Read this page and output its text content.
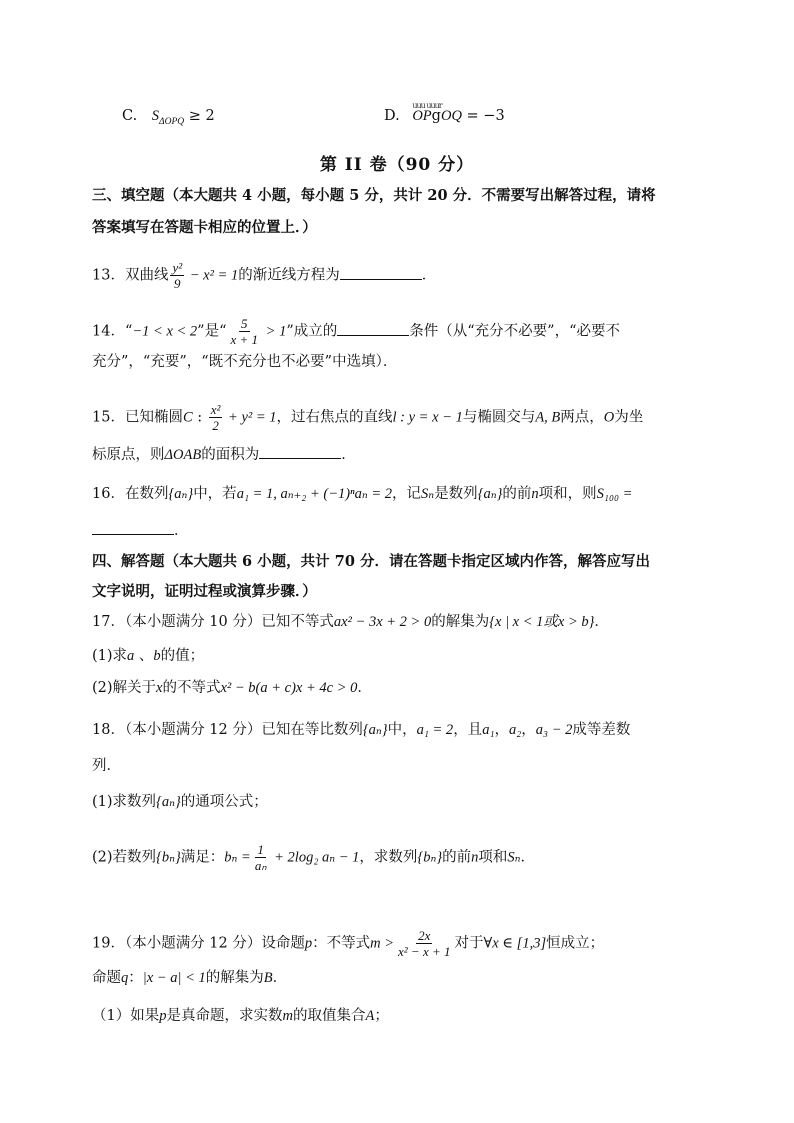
C. $S_{\Delta OPQ} \ge 2$	D.
uuu uuur
OPgOQ = −3
第 II 卷（90 分）
三、填空题（本大题共 4 小题，每小题 5 分，共计 20 分．不需要写出解答过程，请将
答案填写在答题卡相应的位置上．）
13．双曲线 $\frac{\text{y²}}{9} - x^2 = 1$的渐近线方程为	．
14．“−1 < x < 2”是“ $\frac{5}{x + 1} > 1$”成立的	条件（从“充分不必要”，“必要不
充分”，“充要”，“既不充分也不必要”中选填）．
15．已知椭圆C : $\frac{\text{x²}}{2} + y^2 = 1$，过右焦点的直线l : y = x − 1与椭圆交与A, B两点，O为坐
标原点，则ΔOAB的面积为	．
16．在数列{aₙ}中，若a₁ = 1, aₙ₊₂ + (−1)ⁿaₙ = 2，记Sₙ是数列{aₙ}的前n项和，则S₁₀₀ =
．
四、解答题（本大题共 6 小题，共计 70 分．请在答题卡指定区域内作答，解答应写出
文字说明，证明过程或演算步骤．）
17．（本小题满分 10 分）已知不等式ax² − 3x + 2 > 0的解集为{x | x < 1或x > b}．
(1)求a 、b的值；
(2)解关于x的不等式x² − b(a + c)x + 4c > 0．
18．（本小题满分 12 分）已知在等比数列{aₙ}中，a₁ = 2，且a₁，a₂，a₃ − 2成等差数
列．
(1)求数列{aₙ}的通项公式；
(2)若数列{bₙ}满足：$b_n = \frac{1}{\text{aₙ}} + 2\log_2$ aₙ − 1，求数列{bₙ}的前n项和Sₙ．
19．（本小题满分 12 分）设命题p：不等式$m > \frac{2x}{\text{x² − x + 1}}$ 对于∀x ∈ [1,3]恒成立；
命题q：|x − a| < 1的解集为B．
（1）如果p是真命题，求实数m的取值集合A；
